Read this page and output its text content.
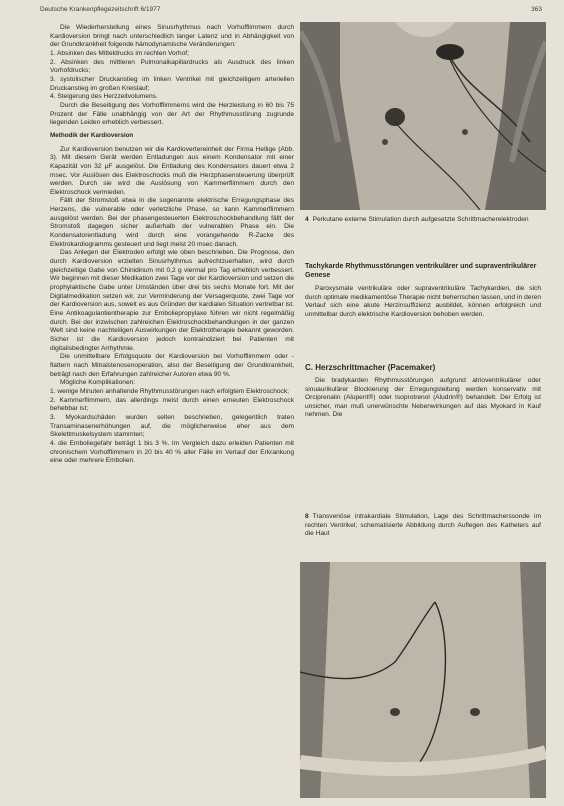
Deutsche Krankenpflegezeitschrift 6/1977	363

Die Wiederherstellung eines Sinusrhythmus nach Vorhofflimmern durch Kardioversion bringt nach unterschiedlich langer Latenz und in Abhängigkeit von der Grundkrankheit folgende hämodynamische Veränderungen:

1. Absinken des Mitteldrucks im rechten Vorhof;

2. Absinken des mittleren Pulmonalkapillardrucks als Ausdruck des linken Vorhofdrucks;

3. systolischer Druckanstieg im linken Ventrikel mit gleichzeitigem arteriellen Druckanstieg im großen Kreislauf;

4. Steigerung des Herzzeitvolumens.

Durch die Beseitigung des Vorhofflimmerns wird die Herzleistung in 60 bis 75 Prozent der Fälle unabhängig von der Art der Rhythmusstörung zugrunde liegenden Leiden erheblich verbessert.

Methodik der Kardioversion

Zur Kardioversion benutzen wir die Kardiovertereinheit der Firma Hellige (Abb. 3). Mit diesem Gerät werden Entladungen aus einem Kondensator mit einer Kapazität von 32 µF ausgelöst. Die Entladung des Kondensators dauert etwa 2 msec. Vor Auslösen des Elektroschocks muß die Herzphasensteuerung überprüft werden. Durch sie wird die Auslösung von Kammerflimmern durch den Elektroschock vermieden.

Fällt der Stromstoß etwa in die sogenannte elektrische Erregungsphase des Herzens, die vulnerable oder verletzliche Phase, so kann Kammerflimmern ausgelöst werden. Bei der phasengesteuerten Elektroschockbehandlung fällt der Stromstoß dagegen sicher außerhalb der vulnerablen Phase ein. Die Kondensatorentladung wird durch eine vorangehende R-Zacke des Elektrokardiogramms gesteuert und liegt meist 20 msec danach.

Das Anlegen der Elektroden erfolgt wie oben beschrieben. Die Prognose, den durch Kardioversion erzielten Sinusrhythmus aufrechtzuerhalten, wird durch gleichzeitige Gabe von Chinidinum mit 0,2 g viermal pro Tag erheblich verbessert. Wir beginnen mit dieser Medikation zwei Tage vor der Kardioversion und setzen die prophylaktische Gabe unter Umständen über drei bis sechs Monate fort. Mit der Digitalmedikation setzen wir, zur Verminderung der Versagerquote, zwei Tage vor der Kardioversion aus, soweit es aus Gründen der kardialen Situation vertretbar ist. Eine Antikoagulantientherapie zur Emboliepropylaxe führen wir nicht regelmäßig durch. Bei der inzwischen zahlreichen Elektroschockbehandlungen in der ganzen Welt sind keine nachteiligen Auswirkungen der Elektrotherapie bekannt geworden. Sicher ist die Kardioversion jedoch kontraindiziert bei Patienten mit digitalisbedingter Arrhythmie.

Die unmittelbare Erfolgsquote der Kardioversion bei Vorhofflimmern oder -flattern nach Mitralstenosenoperation, also der Beseitigung der Grundkrankheit, beträgt nach den Erfahrungen zahlreicher Autoren etwa 90 %.

Mögliche Komplikationen:

1. wenige Minuten anhaltende Rhythmusstörungen nach erfolgtem Elektroschock;

2. Kammerflimmern, das allerdings meist durch einen erneuten Elektroschock behebbar ist;

3. Myokardschäden wurden selten beschrieben, gelegentlich traten Transaminasenerhöhungen auf, die möglicherweise eher aus dem Skelettmuskelsystem stammten;

4. die Emboliegefahr beträgt 1 bis 3 %. Im Vergleich dazu erleiden Patienten mit chronischem Vorhofflimmern in 20 bis 40 % aller Fälle im Verlauf der Erkrankung eine oder mehrere Embolien.

4 Perkutane externe Stimulation durch aufgesetzte Schrittmacherelektroden
Tachykarde Rhythmusstörungen ventrikulärer und supraventrikulärer Genese

Paroxysmale ventrikuläre oder supraventrikuläre Tachykardien, die sich durch optimale medikamentöse Therapie nicht beherrschen lassen, und in deren Verlauf sich eine akute Herzinsuffizienz ausbildet, können erfolgreich und unmittelbar durch elektrische Kardioversion behoben werden.

C. Herzschrittmacher (Pacemaker)

Die bradykarden Rhythmusstörungen aufgrund atrioventrikulärer oder sinuaurikulärer Blockierung der Erregungsleitung werden konservativ mit Orciprenalin (Alupent®) oder Isoprotrenol (Aludrin®) behandelt. Der Erfolg ist unsicher, man muß unerwünschte Nebenwirkungen auf das Myokard in Kauf nehmen. Die

8 Transvenöse intrakardiale Stimulation, Lage des Schrittmacherssonde im rechten Ventrikel; schematisierte Abbildung durch Auflegen des Katheters auf die Haut
